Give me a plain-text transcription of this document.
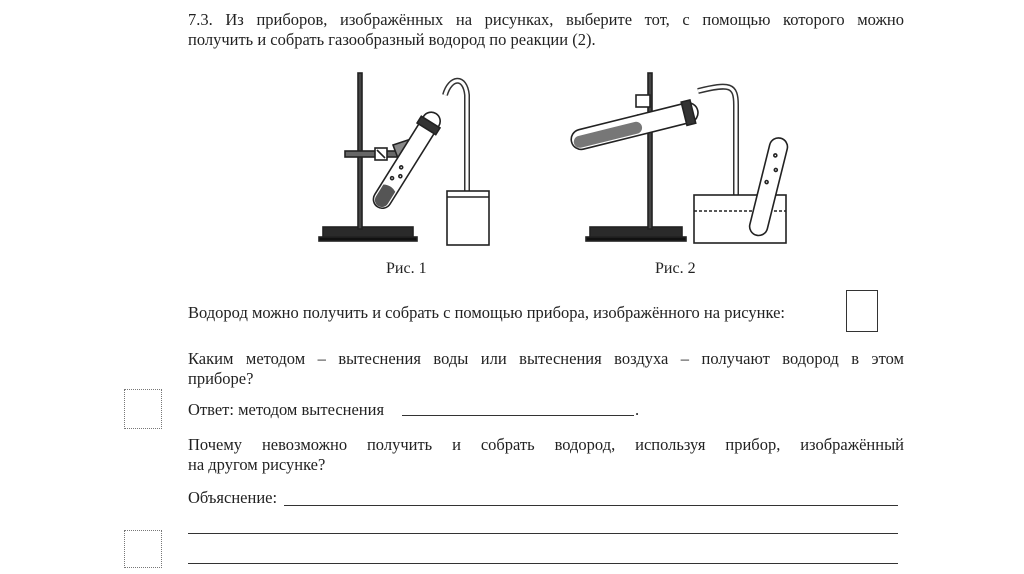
7.3. Из приборов, изображённых на рисунках, выберите тот, с помощью которого можно
получить и собрать газообразный водород по реакции (2).
Рис. 1	Рис. 2
Водород можно получить и собрать с помощью прибора, изображённого на рисунке:
Каким методом – вытеснения воды или вытеснения воздуха – получают водород в этом
приборе?
Ответ: методом вытеснения	.
Почему невозможно получить и собрать водород, используя прибор, изображённый
на другом рисунке?
Объяснение:
